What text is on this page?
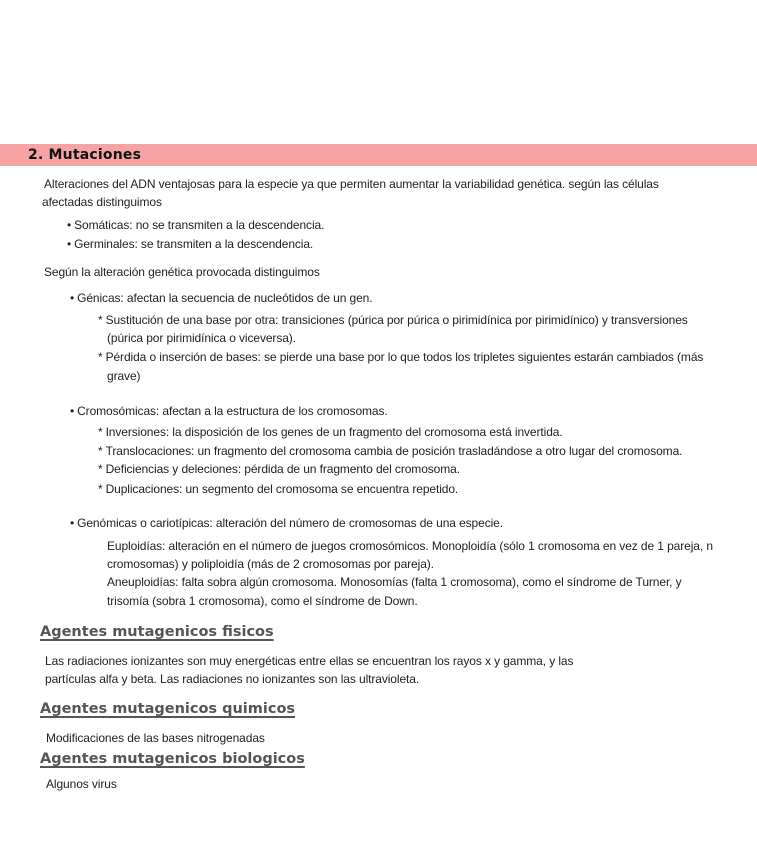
2. Mutaciones
Alteraciones del ADN ventajosas para la especie ya que permiten aumentar la variabilidad genética. según las células
afectadas distinguimos
• Somáticas: no se transmiten a la descendencia.
• Germinales: se transmiten a la descendencia.
Según la alteración genética provocada distinguimos
• Génicas: afectan la secuencia de nucleótidos de un gen.
* Sustitución de una base por otra: transiciones (púrica por púrica o pirimidínica por pirimidínico) y transversiones
(púrica por pirimidínica o viceversa).
* Pérdida o inserción de bases: se pierde una base por lo que todos los tripletes siguientes estarán cambiados (más
grave)
• Cromosómicas: afectan a la estructura de los cromosomas.
* Inversiones: la disposición de los genes de un fragmento del cromosoma está invertida.
* Translocaciones: un fragmento del cromosoma cambia de posición trasladándose a otro lugar del cromosoma.
* Deficiencias y deleciones: pérdida de un fragmento del cromosoma.
* Duplicaciones: un segmento del cromosoma se encuentra repetido.
• Genómicas o cariotípicas: alteración del número de cromosomas de una especie.
Euploidías: alteración en el número de juegos cromosómicos. Monoploidía (sólo 1 cromosoma en vez de 1 pareja, n
cromosomas) y poliploidía (más de 2 cromosomas por pareja).
Aneuploidías: falta sobra algún cromosoma. Monosomías (falta 1 cromosoma), como el síndrome de Turner, y
trisomía (sobra 1 cromosoma), como el síndrome de Down.
Agentes mutagenicos fisicos
Las radiaciones ionizantes son muy energéticas entre ellas se encuentran los rayos x y gamma, y las
partículas alfa y beta. Las radiaciones no ionizantes son las ultravioleta.
Agentes mutagenicos quimicos
Modificaciones de las bases nitrogenadas
Agentes mutagenicos biologicos
Algunos virus
